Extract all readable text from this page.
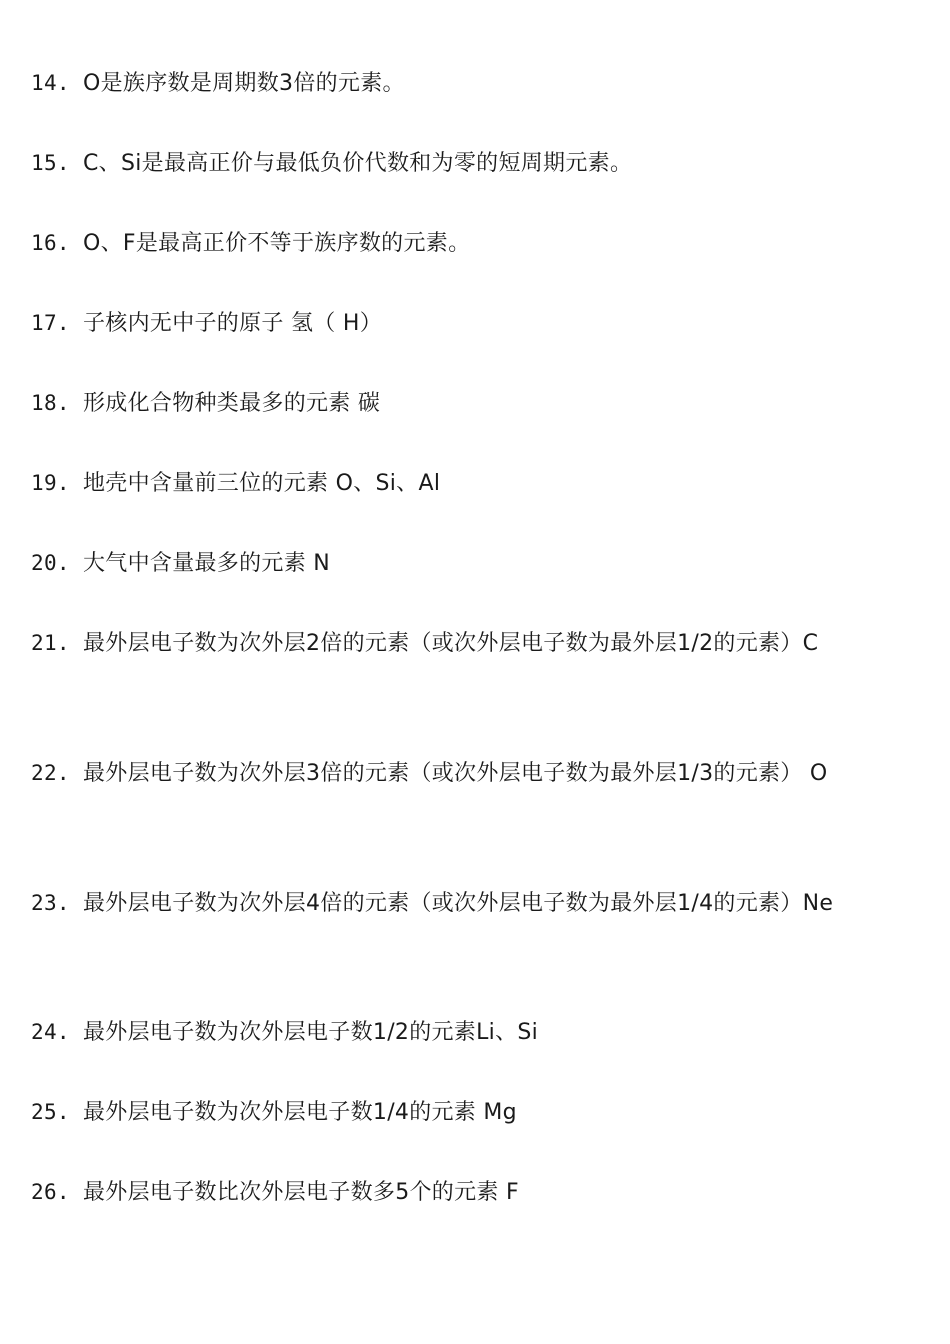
14. O是族序数是周期数3倍的元素。

15. C、Si是最高正价与最低负价代数和为零的短周期元素。

16. O、F是最高正价不等于族序数的元素。

17. 子核内无中子的原子 氢（ H）

18. 形成化合物种类最多的元素 碳

19. 地壳中含量前三位的元素 O、Si、Al

20. 大气中含量最多的元素 N

21. 最外层电子数为次外层2倍的元素（或次外层电子数为最外层1/2的元素）C

22. 最外层电子数为次外层3倍的元素（或次外层电子数为最外层1/3的元素） O

23. 最外层电子数为次外层4倍的元素（或次外层电子数为最外层1/4的元素）Ne

24. 最外层电子数为次外层电子数1/2的元素Li、Si

25. 最外层电子数为次外层电子数1/4的元素 Mg

26. 最外层电子数比次外层电子数多5个的元素 F
